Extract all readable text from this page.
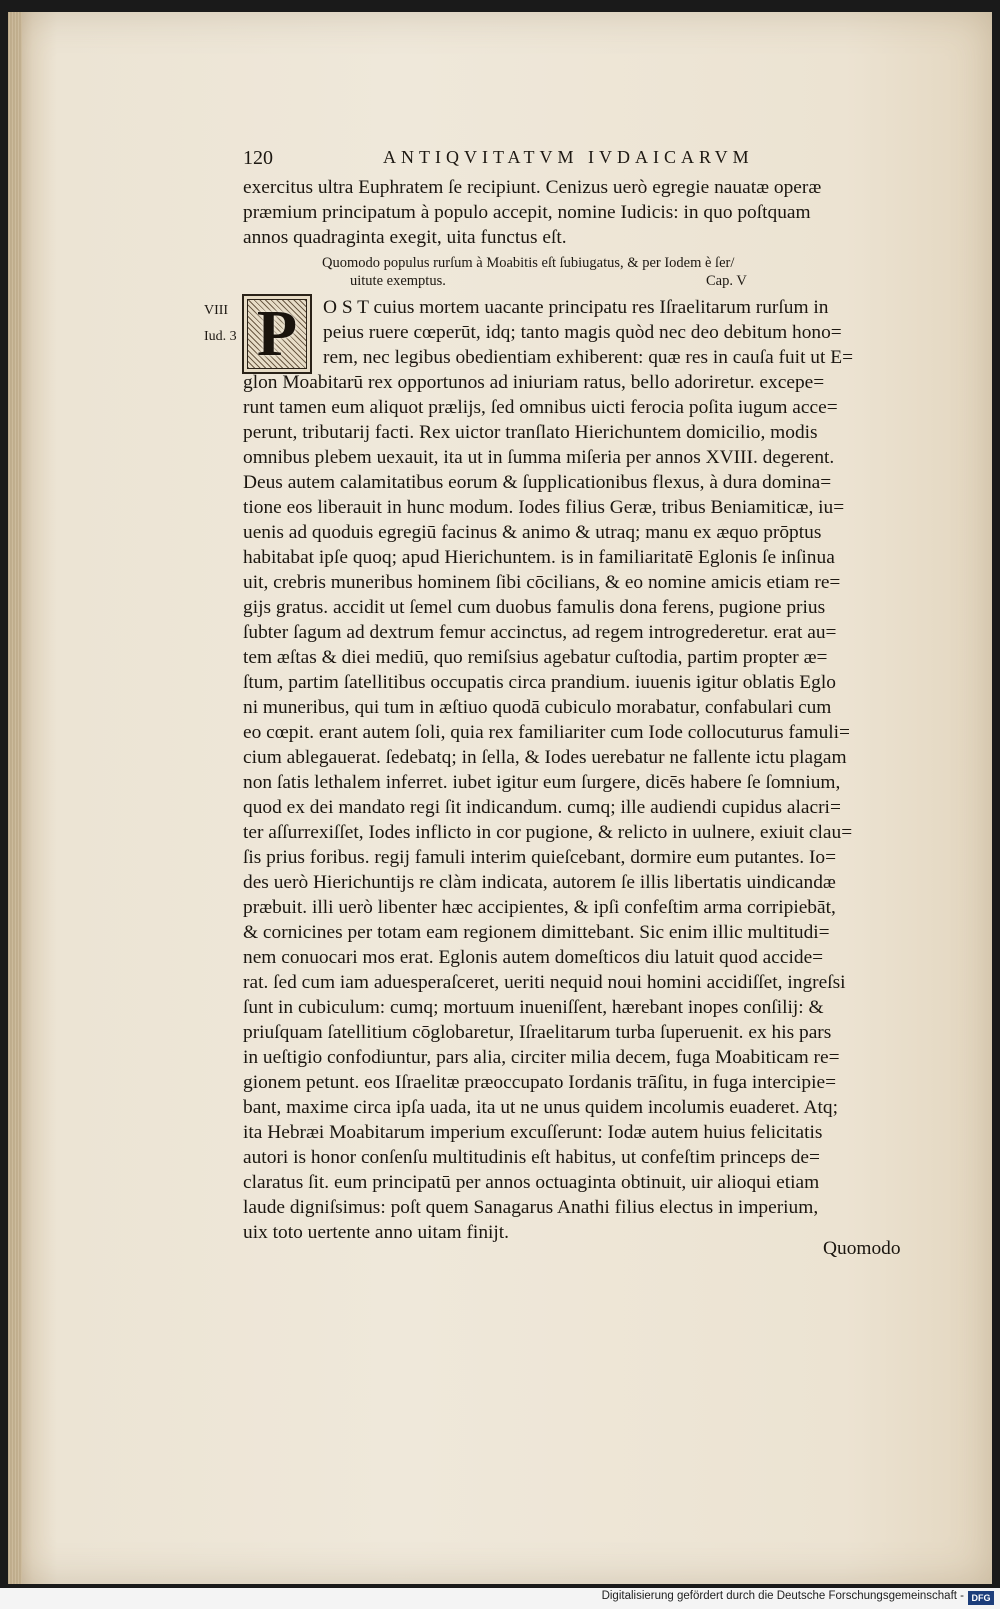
120	ANTIQVITATVM IVDAICARVM
exercitus ultra Euphratem ſe recipiunt. Cenizus uerò egregie nauatæ operæ
præmium principatum à populo accepit, nomine Iudicis: in quo poſtquam
annos quadraginta exegit, uita functus eſt.
Quomodo populus rurſum à Moabitis eſt ſubiugatus, & per Iodem è ſer/
uitute exemptus.	Cap. V
VIII
Iud. 3 P	O S T cuius mortem uacante principatu res Iſraelitarum rurſum in
peius ruere cœperūt, idq; tanto magis quòd nec deo debitum hono=
rem, nec legibus obedientiam exhiberent: quæ res in cauſa fuit ut E=
glon Moabitarū rex opportunos ad iniuriam ratus, bello adoriretur. excepe=
runt tamen eum aliquot prælijs, ſed omnibus uicti ferocia poſita iugum acce=
perunt, tributarij facti. Rex uictor tranſlato Hierichuntem domicilio, modis
omnibus plebem uexauit, ita ut in ſumma miſeria per annos XVIII. degerent.
Deus autem calamitatibus eorum & ſupplicationibus flexus, à dura domina=
tione eos liberauit in hunc modum. Iodes filius Geræ, tribus Beniamiticæ, iu=
uenis ad quoduis egregiū facinus & animo & utraq; manu ex æquo prōptus
habitabat ipſe quoq; apud Hierichuntem. is in familiaritatē Eglonis ſe inſinua
uit, crebris muneribus hominem ſibi cōcilians, & eo nomine amicis etiam re=
gijs gratus. accidit ut ſemel cum duobus famulis dona ferens, pugione prius
ſubter ſagum ad dextrum femur accinctus, ad regem introgrederetur. erat au=
tem æſtas & diei mediū, quo remiſsius agebatur cuſtodia, partim propter æ=
ſtum, partim ſatellitibus occupatis circa prandium. iuuenis igitur oblatis Eglo
ni muneribus, qui tum in æſtiuo quodā cubiculo morabatur, confabulari cum
eo cœpit. erant autem ſoli, quia rex familiariter cum Iode collocuturus famuli=
cium ablegauerat. ſedebatq; in ſella, & Iodes uerebatur ne fallente ictu plagam
non ſatis lethalem inferret. iubet igitur eum ſurgere, dicēs habere ſe ſomnium,
quod ex dei mandato regi ſit indicandum. cumq; ille audiendi cupidus alacri=
ter aſſurrexiſſet, Iodes inflicto in cor pugione, & relicto in uulnere, exiuit clau=
ſis prius foribus. regij famuli interim quieſcebant, dormire eum putantes. Io=
des uerò Hierichuntijs re clàm indicata, autorem ſe illis libertatis uindicandæ
præbuit. illi uerò libenter hæc accipientes, & ipſi confeſtim arma corripiebāt,
& cornicines per totam eam regionem dimittebant. Sic enim illic multitudi=
nem conuocari mos erat. Eglonis autem domeſticos diu latuit quod accide=
rat. ſed cum iam aduesperaſceret, ueriti nequid noui homini accidiſſet, ingreſsi
ſunt in cubiculum: cumq; mortuum inueniſſent, hærebant inopes conſilij: &
priuſquam ſatellitium cōglobaretur, Iſraelitarum turba ſuperuenit. ex his pars
in ueſtigio confodiuntur, pars alia, circiter milia decem, fuga Moabiticam re=
gionem petunt. eos Iſraelitæ præoccupato Iordanis trāſitu, in fuga intercipie=
bant, maxime circa ipſa uada, ita ut ne unus quidem incolumis euaderet. Atq;
ita Hebræi Moabitarum imperium excuſſerunt: Iodæ autem huius felicitatis
autori is honor conſenſu multitudinis eſt habitus, ut confeſtim princeps de=
claratus ſit. eum principatū per annos octuaginta obtinuit, uir alioqui etiam
laude digniſsimus: poſt quem Sanagarus Anathi filius electus in imperium,
uix toto uertente anno uitam finijt.
Quomodo
Digitalisierung gefördert durch die Deutsche Forschungsgemeinschaft - DFG
